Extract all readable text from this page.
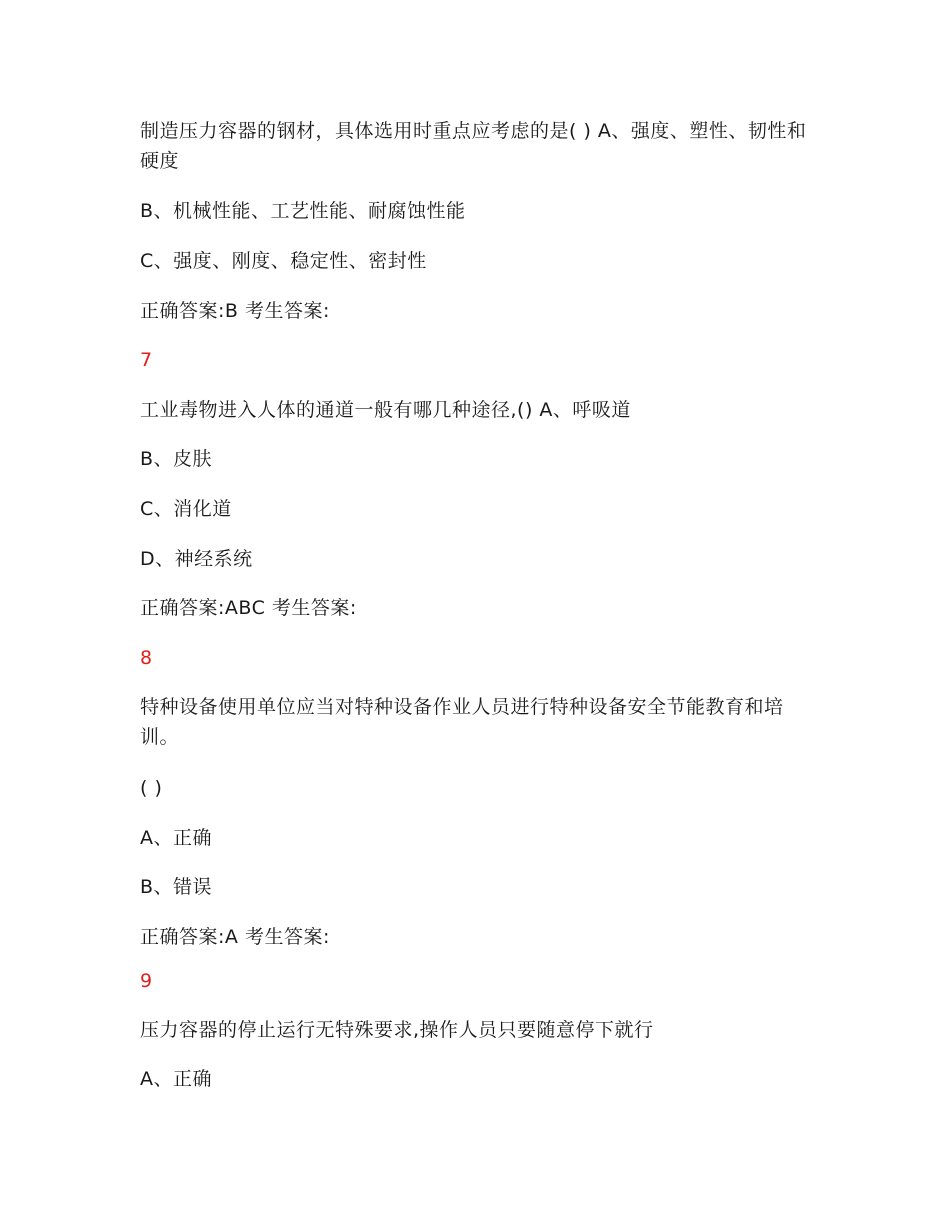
制造压力容器的钢材，具体选用时重点应考虑的是( ) A、强度、塑性、韧性和硬度
B、机械性能、工艺性能、耐腐蚀性能
C、强度、刚度、稳定性、密封性
正确答案:B 考生答案:
7
工业毒物进入人体的通道一般有哪几种途径,() A、呼吸道
B、皮肤
C、消化道
D、神经系统
正确答案:ABC 考生答案:
8
特种设备使用单位应当对特种设备作业人员进行特种设备安全节能教育和培训。
( )
A、正确
B、错误
正确答案:A 考生答案:
9
压力容器的停止运行无特殊要求,操作人员只要随意停下就行
A、正确
